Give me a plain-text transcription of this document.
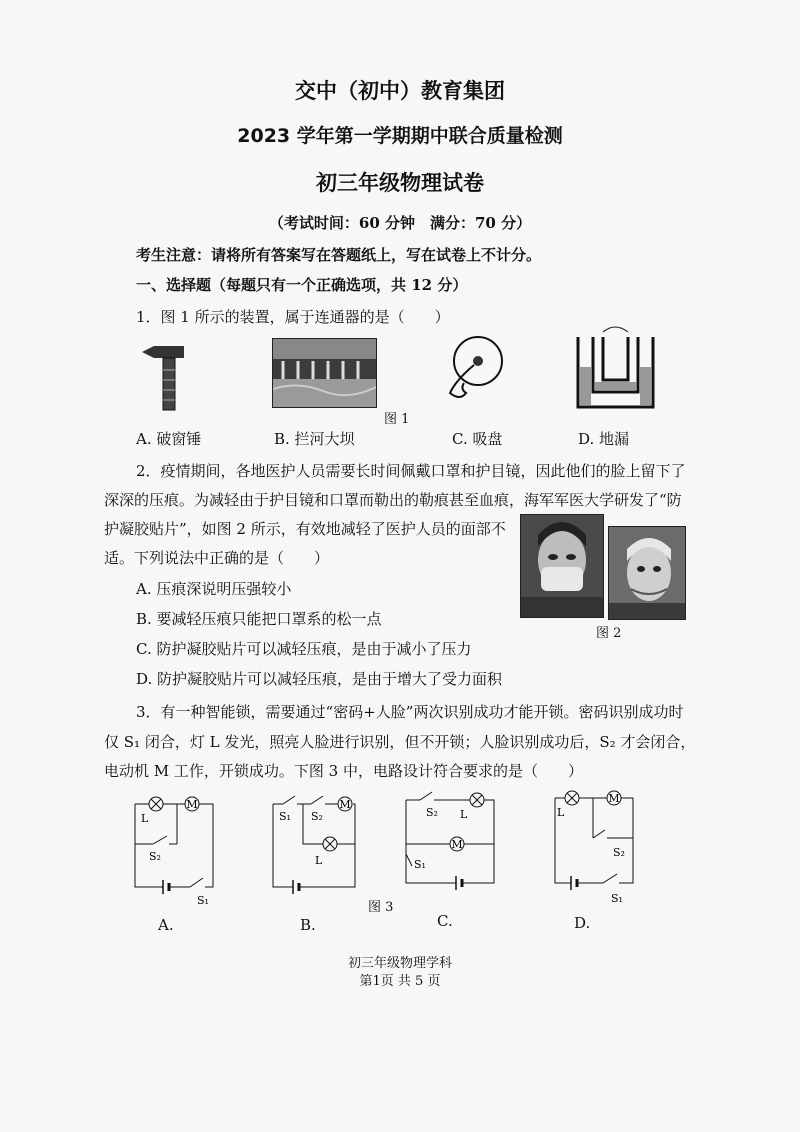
交中（初中）教育集团
2023 学年第一学期期中联合质量检测
初三年级物理试卷
（考试时间：60 分钟　满分：70 分）
考生注意：请将所有答案写在答题纸上，写在试卷上不计分。
一、选择题（每题只有一个正确选项，共 12 分）
1．图 1 所示的装置，属于连通器的是（　　）
图 1
A. 破窗锤	B. 拦河大坝	C. 吸盘	D. 地漏
2．疫情期间，各地医护人员需要长时间佩戴口罩和护目镜，因此他们的脸上留下了
深深的压痕。为减轻由于护目镜和口罩而勒出的勒痕甚至血痕，海军军医大学研发了“防
护凝胶贴片”，如图 2 所示，有效地减轻了医护人员的面部不
适。下列说法中正确的是（　　）
图 2
A. 压痕深说明压强较小
B. 要减轻压痕只能把口罩系的松一点
C. 防护凝胶贴片可以减轻压痕，是由于减小了压力
D. 防护凝胶贴片可以减轻压痕，是由于增大了受力面积
3．有一种智能锁，需要通过“密码+人脸”两次识别成功才能开锁。密码识别成功时
仅 S₁ 闭合，灯 L 发光，照亮人脸进行识别，但不开锁；人脸识别成功后，S₂ 才会闭合，
电动机 M 工作，开锁成功。下图 3 中，电路设计符合要求的是（　　）
M
L
S₂
S₁
A.
M
S₁ S₂
L
B.
图 3
S₂ L
M
S₁
C.
M
L
S₂
S₁
D.
初三年级物理学科
第1页 共 5 页
